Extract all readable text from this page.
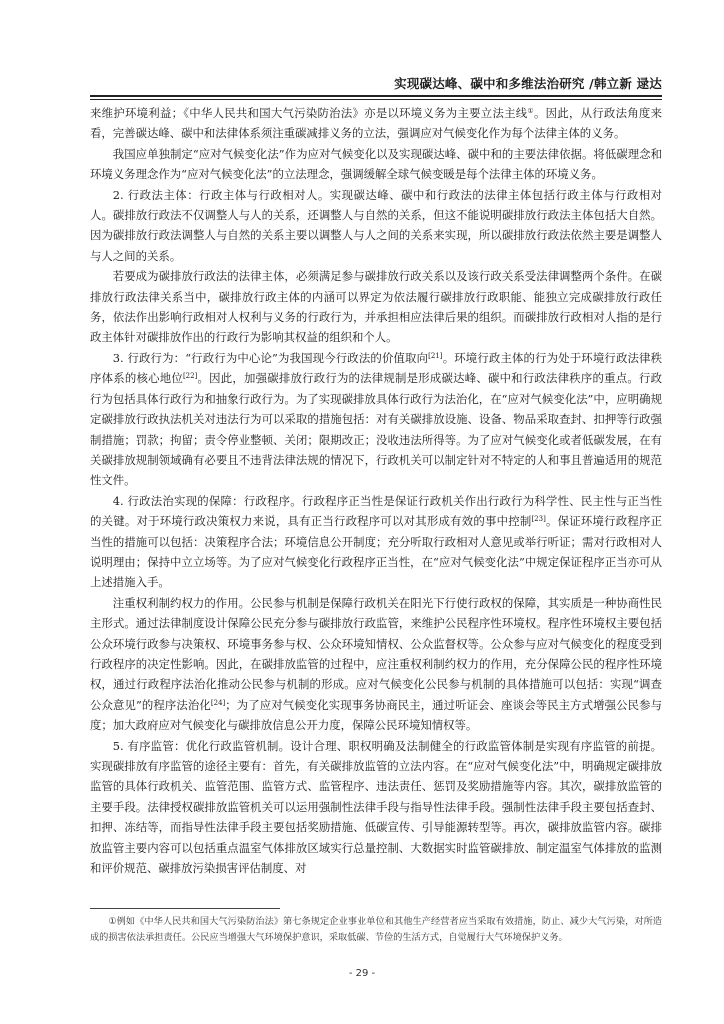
实现碳达峰、碳中和多维法治研究 /韩立新 逯达

来维护环境利益；《中华人民共和国大气污染防治法》亦是以环境义务为主要立法主线①。因此，从行政法角度来看，完善碳达峰、碳中和法律体系须注重碳减排义务的立法，强调应对气候变化作为每个法律主体的义务。

我国应单独制定“应对气候变化法”作为应对气候变化以及实现碳达峰、碳中和的主要法律依据。将低碳理念和环境义务理念作为“应对气候变化法”的立法理念，强调缓解全球气候变暖是每个法律主体的环境义务。

2. 行政法主体：行政主体与行政相对人。实现碳达峰、碳中和行政法的法律主体包括行政主体与行政相对人。碳排放行政法不仅调整人与人的关系，还调整人与自然的关系，但这不能说明碳排放行政法主体包括大自然。因为碳排放行政法调整人与自然的关系主要以调整人与人之间的关系来实现，所以碳排放行政法依然主要是调整人与人之间的关系。

若要成为碳排放行政法的法律主体，必须满足参与碳排放行政关系以及该行政关系受法律调整两个条件。在碳排放行政法律关系当中，碳排放行政主体的内涵可以界定为依法履行碳排放行政职能、能独立完成碳排放行政任务，依法作出影响行政相对人权利与义务的行政行为，并承担相应法律后果的组织。而碳排放行政相对人指的是行政主体针对碳排放作出的行政行为影响其权益的组织和个人。

3. 行政行为：“行政行为中心论”为我国现今行政法的价值取向[21]。环境行政主体的行为处于环境行政法律秩序体系的核心地位[22]。因此，加强碳排放行政行为的法律规制是形成碳达峰、碳中和行政法律秩序的重点。行政行为包括具体行政行为和抽象行政行为。为了实现碳排放具体行政行为法治化，在“应对气候变化法”中，应明确规定碳排放行政执法机关对违法行为可以采取的措施包括：对有关碳排放设施、设备、物品采取查封、扣押等行政强制措施；罚款；拘留；责令停业整顿、关闭；限期改正；没收违法所得等。为了应对气候变化或者低碳发展，在有关碳排放规制领域确有必要且不违背法律法规的情况下，行政机关可以制定针对不特定的人和事且普遍适用的规范性文件。

4. 行政法治实现的保障：行政程序。行政程序正当性是保证行政机关作出行政行为科学性、民主性与正当性的关键。对于环境行政决策权力来说，具有正当行政程序可以对其形成有效的事中控制[23]。保证环境行政程序正当性的措施可以包括：决策程序合法；环境信息公开制度；充分听取行政相对人意见或举行听证；需对行政相对人说明理由；保持中立立场等。为了应对气候变化行政程序正当性，在“应对气候变化法”中规定保证程序正当亦可从上述措施入手。

注重权利制约权力的作用。公民参与机制是保障行政机关在阳光下行使行政权的保障，其实质是一种协商性民主形式。通过法律制度设计保障公民充分参与碳排放行政监管，来维护公民程序性环境权。程序性环境权主要包括公众环境行政参与决策权、环境事务参与权、公众环境知情权、公众监督权等。公众参与应对气候变化的程度受到行政程序的决定性影响。因此，在碳排放监管的过程中，应注重权利制约权力的作用，充分保障公民的程序性环境权，通过行政程序法治化推动公民参与机制的形成。应对气候变化公民参与机制的具体措施可以包括：实现“调查公众意见”的程序法治化[24]；为了应对气候变化实现事务协商民主，通过听证会、座谈会等民主方式增强公民参与度；加大政府应对气候变化与碳排放信息公开力度，保障公民环境知情权等。

5. 有序监管：优化行政监管机制。设计合理、职权明确及法制健全的行政监管体制是实现有序监管的前提。实现碳排放有序监管的途径主要有：首先，有关碳排放监管的立法内容。在“应对气候变化法”中，明确规定碳排放监管的具体行政机关、监管范围、监管方式、监管程序、违法责任、惩罚及奖励措施等内容。其次，碳排放监管的主要手段。法律授权碳排放监管机关可以运用强制性法律手段与指导性法律手段。强制性法律手段主要包括查封、扣押、冻结等，而指导性法律手段主要包括奖励措施、低碳宣传、引导能源转型等。再次，碳排放监管内容。碳排放监管主要内容可以包括重点温室气体排放区域实行总量控制、大数据实时监管碳排放、制定温室气体排放的监测和评价规范、碳排放污染损害评估制度、对

①例如《中华人民共和国大气污染防治法》第七条规定企业事业单位和其他生产经营者应当采取有效措施，防止、减少大气污染，对所造成的损害依法承担责任。公民应当增强大气环境保护意识，采取低碳、节俭的生活方式，自觉履行大气环境保护义务。

- 29 -
